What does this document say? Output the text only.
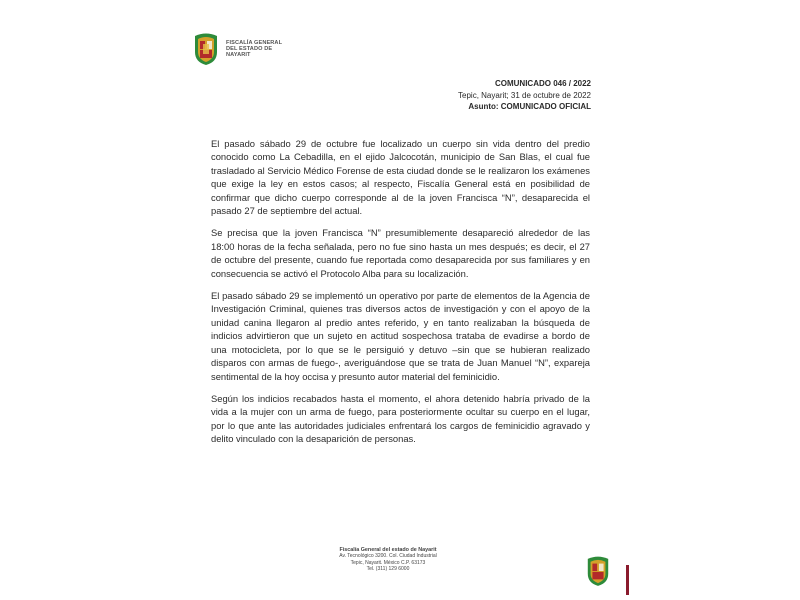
FISCALÍA GENERAL
DEL ESTADO DE
NAYARIT
COMUNICADO 046 / 2022
Tepic, Nayarit; 31 de octubre de 2022
Asunto: COMUNICADO OFICIAL

El pasado sábado 29 de octubre fue localizado un cuerpo sin vida dentro del predio conocido como La Cebadilla, en el ejido Jalcocotán, municipio de San Blas, el cual fue trasladado al Servicio Médico Forense de esta ciudad donde se le realizaron los exámenes que exige la ley en estos casos; al respecto, Fiscalía General está en posibilidad de confirmar que dicho cuerpo corresponde al de la joven Francisca “N”, desaparecida el pasado 27 de septiembre del actual.

Se precisa que la joven Francisca “N” presumiblemente desapareció alrededor de las 18:00 horas de la fecha señalada, pero no fue sino hasta un mes después; es decir, el 27 de octubre del presente, cuando fue reportada como desaparecida por sus familiares y en consecuencia se activó el Protocolo Alba para su localización.

El pasado sábado 29 se implementó un operativo por parte de elementos de la Agencia de Investigación Criminal, quienes tras diversos actos de investigación y con el apoyo de la unidad canina llegaron al predio antes referido, y en tanto realizaban la búsqueda de indicios advirtieron que un sujeto en actitud sospechosa trataba de evadirse a bordo de una motocicleta, por lo que se le persiguió y detuvo –sin que se hubieran realizado disparos con armas de fuego-, averiguándose que se trata de Juan Manuel “N”, expareja sentimental de la hoy occisa y presunto autor material del feminicidio.

Según los indicios recabados hasta el momento, el ahora detenido habría privado de la vida a la mujer con un arma de fuego, para posteriormente ocultar su cuerpo en el lugar, por lo que ante las autoridades judiciales enfrentará los cargos de feminicidio agravado y delito vinculado con la desaparición de personas.

Fiscalía General del estado de Nayarit
Av. Tecnológico 3200. Col. Ciudad Industrial
Tepic, Nayarit. México C.P. 63173
Tel. (311) 129 6000
